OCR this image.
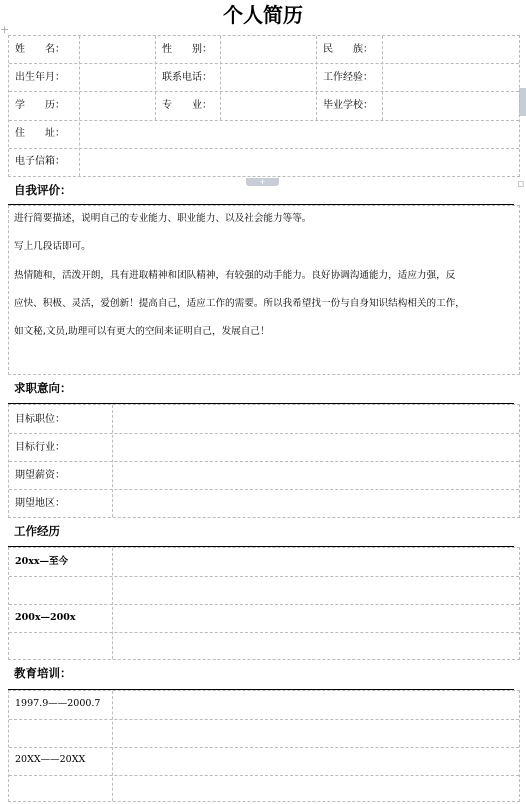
+
▫
个人简历
姓　　名：	性　　别：	民　　族：
出生年月：	联系电话：	工作经验：
学　　历：	专　　业：	毕业学校：
住　　址：
电子信箱：
+
自我评价：
进行简要描述，说明自己的专业能力、职业能力、以及社会能力等等。
写上几段话即可。
热情随和，活泼开朗，具有进取精神和团队精神，有较强的动手能力。良好协调沟通能力，适应力强，反
应快、积极、灵活，爱创新！提高自己，适应工作的需要。所以我希望找一份与自身知识结构相关的工作，
如文秘,文员,助理可以有更大的空间来证明自己，发展自己！
求职意向：
目标职位：
目标行业：
期望薪资：
期望地区：
工作经历
20xx—至今
200x—200x
教育培训：
1997.9——2000.7
20XX——20XX
